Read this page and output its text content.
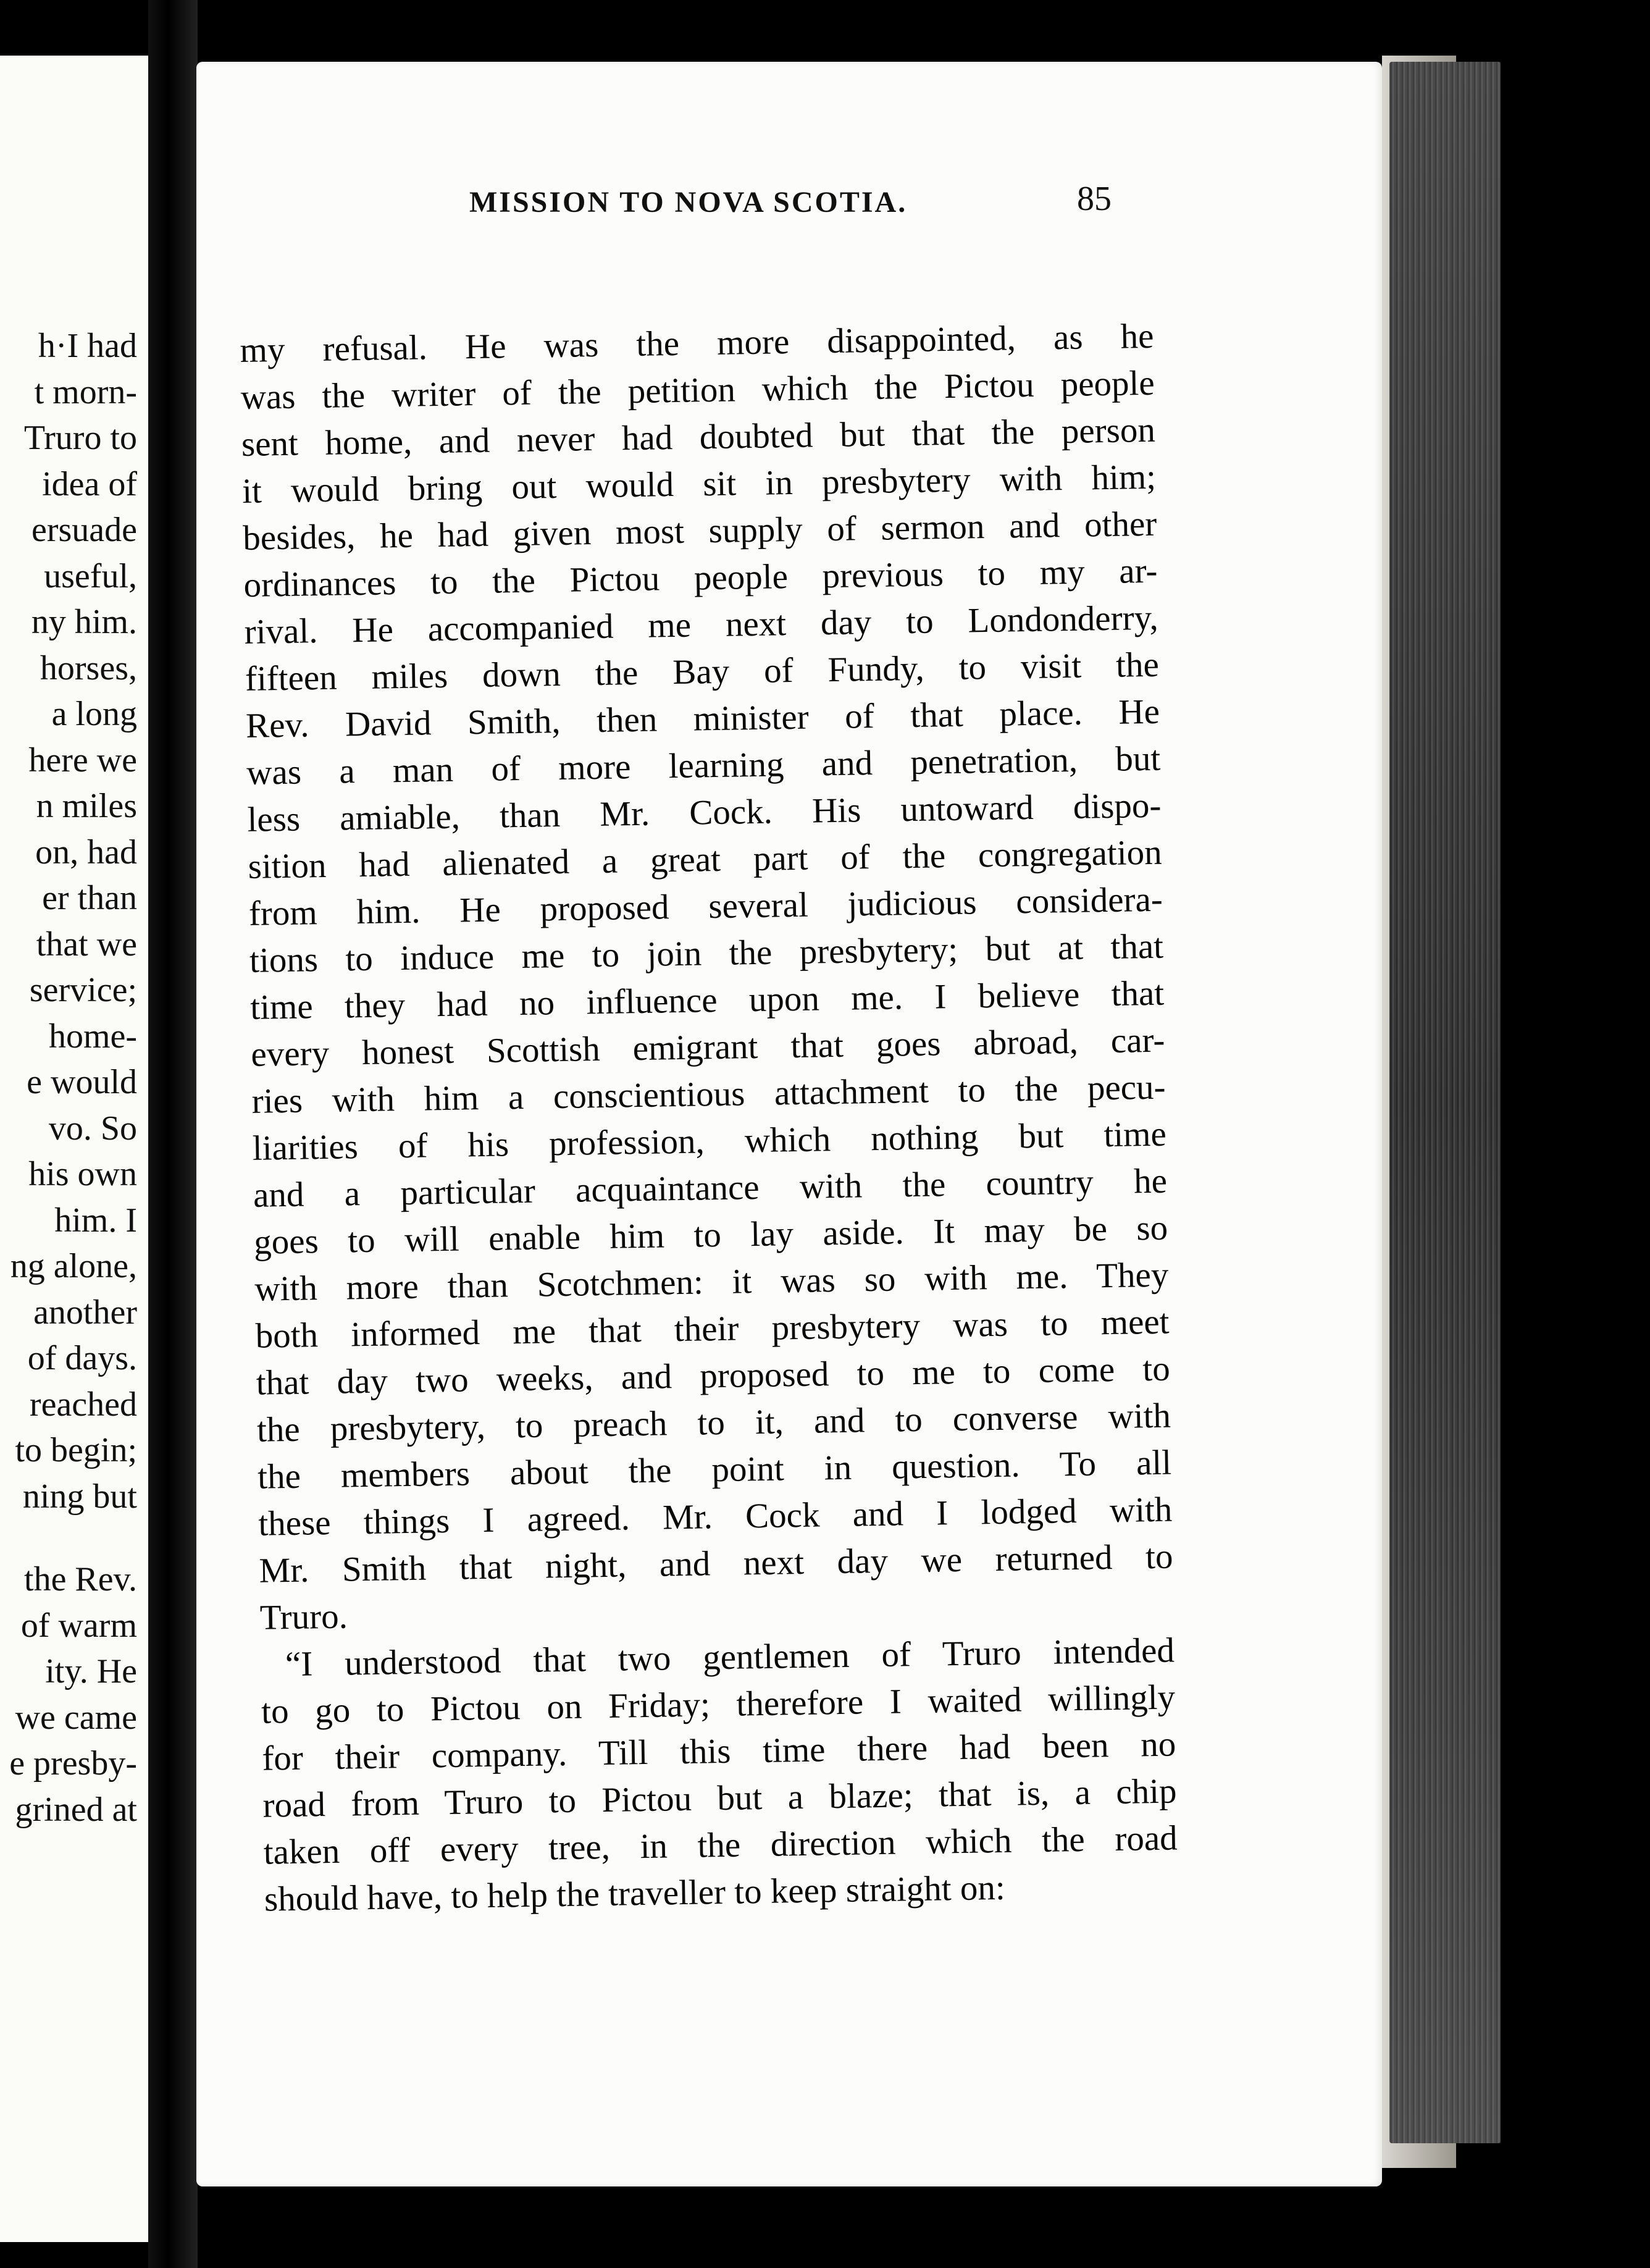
h·I had
t morn-
Truro to
idea of
ersuade
useful,
ny him.
horses,
a long
here we
n miles
on, had
er than
that we
service;
home-
e would
vo. So
his own
him. I
ng alone,
another
of days.
reached
to begin;
ning but
the Rev.
of warm
ity. He
we came
e presby-
grined at
MISSION TO NOVA SCOTIA.	85
my refusal. He was the more disappointed, as he
was the writer of the petition which the Pictou people
sent home, and never had doubted but that the person
it would bring out would sit in presbytery with him;
besides, he had given most supply of sermon and other
ordinances to the Pictou people previous to my ar-
rival. He accompanied me next day to Londonderry,
fifteen miles down the Bay of Fundy, to visit the
Rev. David Smith, then minister of that place. He
was a man of more learning and penetration, but
less amiable, than Mr. Cock. His untoward dispo-
sition had alienated a great part of the congregation
from him. He proposed several judicious considera-
tions to induce me to join the presbytery; but at that
time they had no influence upon me. I believe that
every honest Scottish emigrant that goes abroad, car-
ries with him a conscientious attachment to the pecu-
liarities of his profession, which nothing but time
and a particular acquaintance with the country he
goes to will enable him to lay aside. It may be so
with more than Scotchmen: it was so with me. They
both informed me that their presbytery was to meet
that day two weeks, and proposed to me to come to
the presbytery, to preach to it, and to converse with
the members about the point in question. To all
these things I agreed. Mr. Cock and I lodged with
Mr. Smith that night, and next day we returned to
Truro.
“I understood that two gentlemen of Truro intended
to go to Pictou on Friday; therefore I waited willingly
for their company. Till this time there had been no
road from Truro to Pictou but a blaze; that is, a chip
taken off every tree, in the direction which the road
should have, to help the traveller to keep straight on:
